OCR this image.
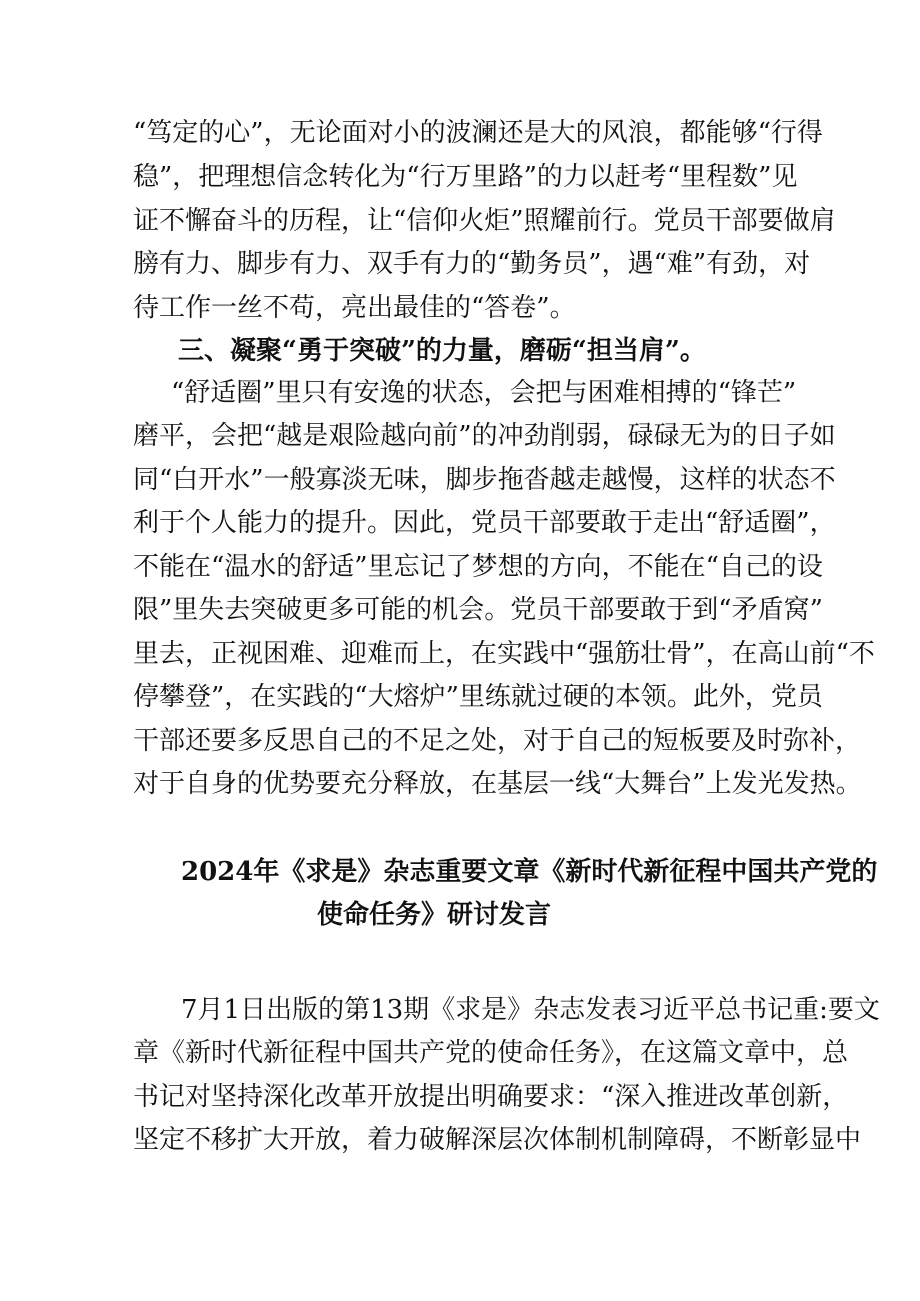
“笃定的心”，无论面对小的波澜还是大的风浪，都能够“行得
稳”，把理想信念转化为“行万里路”的力以赶考“里程数”见
证不懈奋斗的历程，让“信仰火炬”照耀前行。党员干部要做肩
膀有力、脚步有力、双手有力的“勤务员”，遇“难”有劲，对
待工作一丝不苟，亮出最佳的“答卷”。
三、凝聚“勇于突破”的力量，磨砺“担当肩”。
“舒适圈”里只有安逸的状态，会把与困难相搏的“锋芒”
磨平，会把“越是艰险越向前”的冲劲削弱，碌碌无为的日子如
同“白开水”一般寡淡无味，脚步拖沓越走越慢，这样的状态不
利于个人能力的提升。因此，党员干部要敢于走出“舒适圈”，
不能在“温水的舒适”里忘记了梦想的方向，不能在“自己的设
限”里失去突破更多可能的机会。党员干部要敢于到“矛盾窝”
里去，正视困难、迎难而上，在实践中“强筋壮骨”，在高山前“不
停攀登”，在实践的“大熔炉”里练就过硬的本领。此外，党员
干部还要多反思自己的不足之处，对于自己的短板要及时弥补，
对于自身的优势要充分释放，在基层一线“大舞台”上发光发热。
2024年《求是》杂志重要文章《新时代新征程中国共产党的
使命任务》研讨发言
7月1日出版的第13期《求是》杂志发表习近平总书记重:要文
章《新时代新征程中国共产党的使命任务》，在这篇文章中，总
书记对坚持深化改革开放提出明确要求：“深入推进改革创新，
坚定不移扩大开放，着力破解深层次体制机制障碍，不断彰显中
